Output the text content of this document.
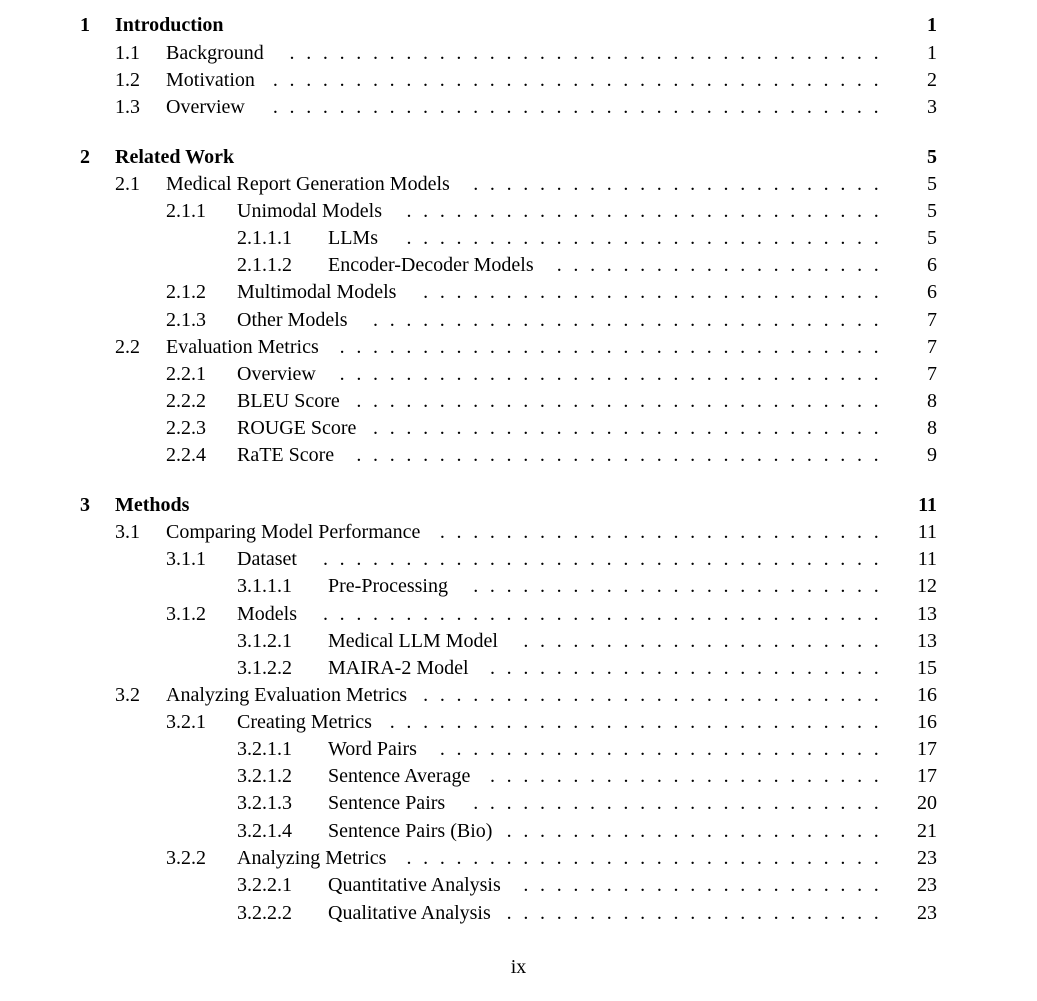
1 Introduction	1
1.1 Background	1
. . . . . . . . . . . . . . . . . . . . . . . . . . . . . . . . . . . .
1.2 Motivation	2
. . . . . . . . . . . . . . . . . . . . . . . . . . . . . . . . . . . . .
1.3 Overview	3
. . . . . . . . . . . . . . . . . . . . . . . . . . . . . . . . . . . . .
2 Related Work	5
2.1 Medical Report Generation Models	5
. . . . . . . . . . . . . . . . . . . . . . . . .
2.1.1 Unimodal Models	5
. . . . . . . . . . . . . . . . . . . . . . . . . . . . .
2.1.1.1 LLMs	5
. . . . . . . . . . . . . . . . . . . . . . . . . . . . .
2.1.1.2 Encoder-Decoder Models	6
. . . . . . . . . . . . . . . . . . . .
2.1.2 Multimodal Models	6
. . . . . . . . . . . . . . . . . . . . . . . . . . . .
2.1.3 Other Models	7
. . . . . . . . . . . . . . . . . . . . . . . . . . . . . . .
2.2 Evaluation Metrics	7
. . . . . . . . . . . . . . . . . . . . . . . . . . . . . . . . .
2.2.1 Overview	7
. . . . . . . . . . . . . . . . . . . . . . . . . . . . . . . . .
2.2.2 BLEU Score	8
. . . . . . . . . . . . . . . . . . . . . . . . . . . . . . . .
2.2.3 ROUGE Score	8
. . . . . . . . . . . . . . . . . . . . . . . . . . . . . . .
2.2.4 RaTE Score	9
. . . . . . . . . . . . . . . . . . . . . . . . . . . . . . . .
3 Methods	11
3.1 Comparing Model Performance	11
. . . . . . . . . . . . . . . . . . . . . . . . . . .
3.1.1 Dataset	11
. . . . . . . . . . . . . . . . . . . . . . . . . . . . . . . . . .
3.1.1.1 Pre-Processing	12
. . . . . . . . . . . . . . . . . . . . . . . . .
3.1.2 Models	13
. . . . . . . . . . . . . . . . . . . . . . . . . . . . . . . . . .
3.1.2.1 Medical LLM Model	13
. . . . . . . . . . . . . . . . . . . . . .
3.1.2.2 MAIRA-2 Model	15
. . . . . . . . . . . . . . . . . . . . . . . .
3.2 Analyzing Evaluation Metrics	16
. . . . . . . . . . . . . . . . . . . . . . . . . . . .
3.2.1 Creating Metrics	16
. . . . . . . . . . . . . . . . . . . . . . . . . . . . . .
3.2.1.1 Word Pairs	17
. . . . . . . . . . . . . . . . . . . . . . . . . . .
3.2.1.2 Sentence Average	17
. . . . . . . . . . . . . . . . . . . . . . . .
3.2.1.3 Sentence Pairs	20
. . . . . . . . . . . . . . . . . . . . . . . . .
3.2.1.4 Sentence Pairs (Bio)	21
. . . . . . . . . . . . . . . . . . . . . . .
3.2.2 Analyzing Metrics	23
. . . . . . . . . . . . . . . . . . . . . . . . . . . . .
3.2.2.1 Quantitative Analysis	23
. . . . . . . . . . . . . . . . . . . . . .
3.2.2.2 Qualitative Analysis	23
. . . . . . . . . . . . . . . . . . . . . . .
ix
